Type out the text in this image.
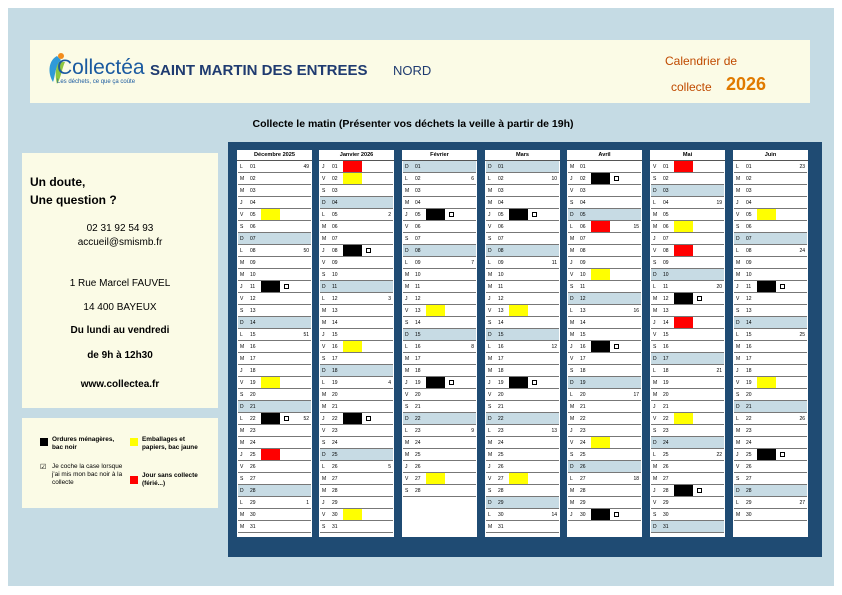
Collectéa
Les déchets, ce que ça coûte
SAINT MARTIN DES ENTREES NORD
Calendrier de
collecte 2026
Collecte le matin (Présenter vos déchets la veille à partir de 19h)
Un doute,
Une question ?
02 31 92 54 93
accueil@smismb.fr
1 Rue Marcel FAUVEL
14 400 BAYEUX
Du lundi au vendredi
de 9h à 12h30
www.collectea.fr
Ordures ménagères,
bac noir
Emballages et
papiers, bac jaune
☑ Je coche la case lorsque
j'ai mis mon bac noir à la
collecte
Jour sans collecte
(férié...)
Décembre 2025
L 01	49
M 02
M 03
J 04
V 05
S 06
D 07
L 08	50
M 09
M 10
J 11
V 12
S 13
D 14
L 15	51
M 16
M 17
J 18
V 19
S 20
D 21
L 22	52
M 23
M 24
J 25
V 26
S 27
D 28
L 29	1
M 30
M 31
Janvier 2026
J 01
V 02
S 03
D 04
L 05	2
M 06
M 07
J 08
V 09
S 10
D 11
L 12	3
M 13
M 14
J 15
V 16
S 17
D 18
L 19	4
M 20
M 21
J 22
V 23
S 24
D 25
L 26	5
M 27
M 28
J 29
V 30
S 31
Février
D 01
L 02	6
M 03
M 04
J 05
V 06
S 07
D 08
L 09	7
M 10
M 11
J 12
V 13
S 14
D 15
L 16	8
M 17
M 18
J 19
V 20
S 21
D 22
L 23	9
M 24
M 25
J 26
V 27
S 28
Mars
D 01
L 02	10
M 03
M 04
J 05
V 06
S 07
D 08
L 09	11
M 10
M 11
J 12
V 13
S 14
D 15
L 16	12
M 17
M 18
J 19
V 20
S 21
D 22
L 23	13
M 24
M 25
J 26
V 27
S 28
D 29
L 30	14
M 31
Avril
M 01
J 02
V 03
S 04
D 05
L 06	15
M 07
M 08
J 09
V 10
S 11
D 12
L 13	16
M 14
M 15
J 16
V 17
S 18
D 19
L 20	17
M 21
M 22
J 23
V 24
S 25
D 26
L 27	18
M 28
M 29
J 30
Mai
V 01
S 02
D 03
L 04	19
M 05
M 06
J 07
V 08
S 09
D 10
L 11	20
M 12
M 13
J 14
V 15
S 16
D 17
L 18	21
M 19
M 20
J 21
V 22
S 23
D 24
L 25	22
M 26
M 27
J 28
V 29
S 30
D 31
Juin
L 01	23
M 02
M 03
J 04
V 05
S 06
D 07
L 08	24
M 09
M 10
J 11
V 12
S 13
D 14
L 15	25
M 16
M 17
J 18
V 19
S 20
D 21
L 22	26
M 23
M 24
J 25
V 26
S 27
D 28
L 29	27
M 30
